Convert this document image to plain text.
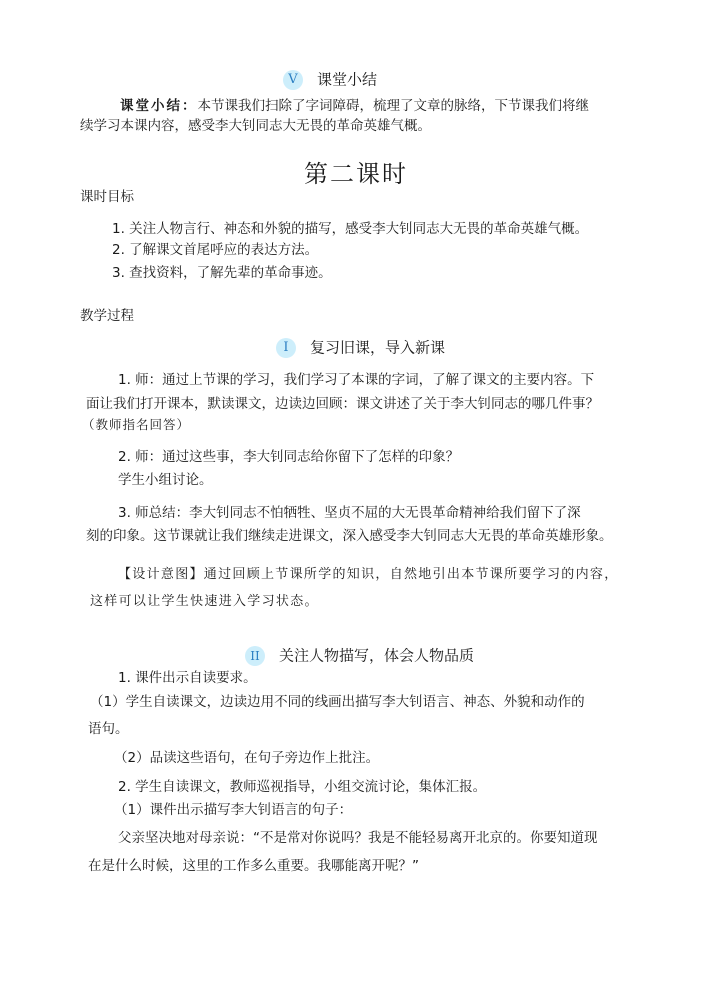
V 课堂小结
课堂小结：本节课我们扫除了字词障碍，梳理了文章的脉络，下节课我们将继
续学习本课内容，感受李大钊同志大无畏的革命英雄气概。
第二课时
课时目标
1. 关注人物言行、神态和外貌的描写，感受李大钊同志大无畏的革命英雄气概。
2. 了解课文首尾呼应的表达方法。
3. 查找资料，了解先辈的革命事迹。
教学过程
I 复习旧课，导入新课
1. 师：通过上节课的学习，我们学习了本课的字词，了解了课文的主要内容。下
面让我们打开课本，默读课文，边读边回顾：课文讲述了关于李大钊同志的哪几件事？
（教师指名回答）
2. 师：通过这些事，李大钊同志给你留下了怎样的印象？
学生小组讨论。
3. 师总结：李大钊同志不怕牺牲、坚贞不屈的大无畏革命精神给我们留下了深
刻的印象。这节课就让我们继续走进课文，深入感受李大钊同志大无畏的革命英雄形象。
【设计意图】通过回顾上节课所学的知识，自然地引出本节课所要学习的内容，
这样可以让学生快速进入学习状态。
II 关注人物描写，体会人物品质
1. 课件出示自读要求。
（1）学生自读课文，边读边用不同的线画出描写李大钊语言、神态、外貌和动作的
语句。
（2）品读这些语句，在句子旁边作上批注。
2. 学生自读课文，教师巡视指导，小组交流讨论，集体汇报。
（1）课件出示描写李大钊语言的句子：
父亲坚决地对母亲说：“不是常对你说吗？我是不能轻易离开北京的。你要知道现
在是什么时候，这里的工作多么重要。我哪能离开呢？”
